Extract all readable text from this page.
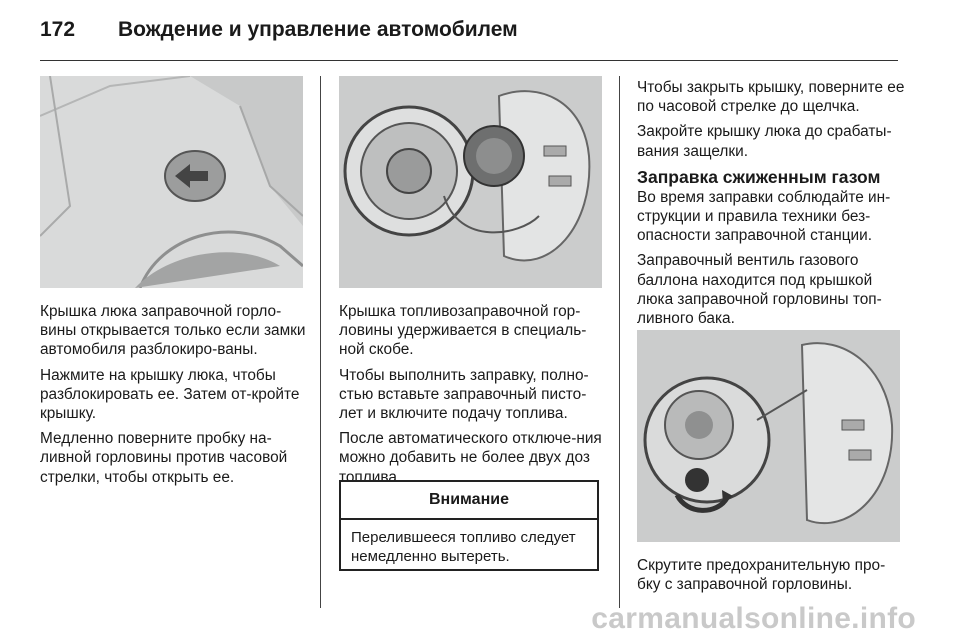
172 Вождение и управление автомобилем

Крышка люка заправочной горло-вины открывается только если замки автомобиля разблокиро-ваны.

Нажмите на крышку люка, чтобы разблокировать ее. Затем от-кройте крышку.

Медленно поверните пробку на-ливной горловины против часовой стрелки, чтобы открыть ее.

Крышка топливозаправочной гор-ловины удерживается в специаль-ной скобе.

Чтобы выполнить заправку, полно-стью вставьте заправочный писто-лет и включите подачу топлива.

После автоматического отключе-ния можно добавить не более двух доз топлива.

Внимание
Перелившееся топливо следует немедленно вытереть.

Чтобы закрыть крышку, поверните ее по часовой стрелке до щелчка.

Закройте крышку люка до срабаты-вания защелки.

Заправка сжиженным газом

Во время заправки соблюдайте ин-струкции и правила техники без-опасности заправочной станции.

Заправочный вентиль газового баллона находится под крышкой люка заправочной горловины топ-ливного бака.

Скрутите предохранительную про-бку с заправочной горловины.

carmanualsonline.info
